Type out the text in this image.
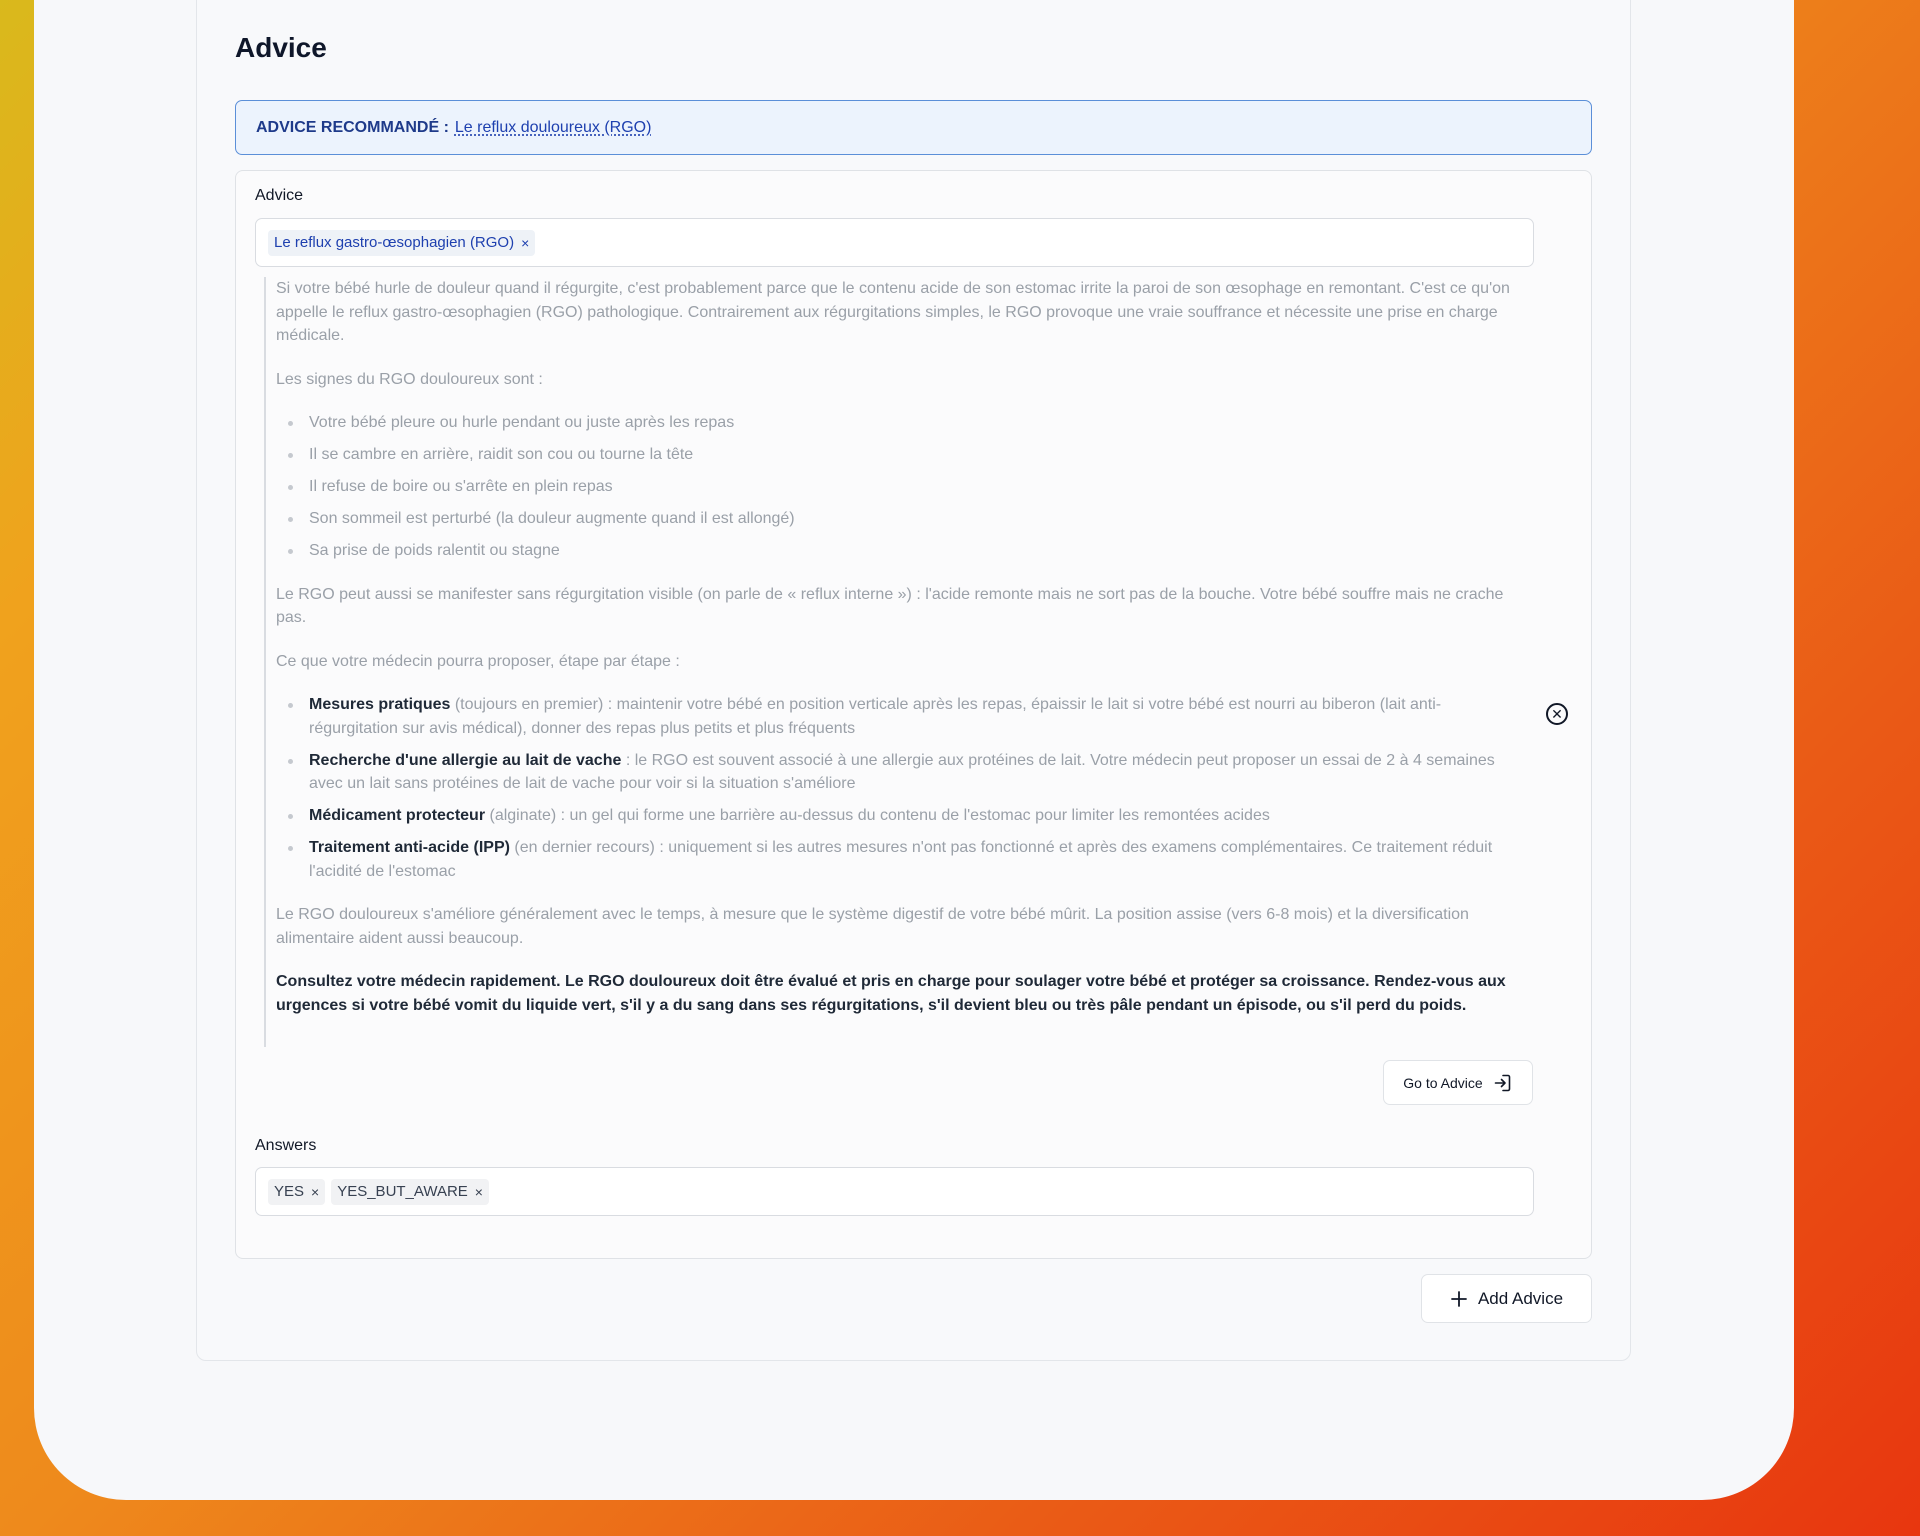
Advice
ADVICE RECOMMANDÉ : Le reflux douloureux (RGO)
Advice
Le reflux gastro-œsophagien (RGO) ×

Si votre bébé hurle de douleur quand il régurgite, c'est probablement parce que le contenu acide de son estomac irrite la paroi de son œsophage en remontant. C'est ce qu'on appelle le reflux gastro-œsophagien (RGO) pathologique. Contrairement aux régurgitations simples, le RGO provoque une vraie souffrance et nécessite une prise en charge médicale.

Les signes du RGO douloureux sont :

Votre bébé pleure ou hurle pendant ou juste après les repas
Il se cambre en arrière, raidit son cou ou tourne la tête
Il refuse de boire ou s'arrête en plein repas
Son sommeil est perturbé (la douleur augmente quand il est allongé)
Sa prise de poids ralentit ou stagne

Le RGO peut aussi se manifester sans régurgitation visible (on parle de « reflux interne ») : l'acide remonte mais ne sort pas de la bouche. Votre bébé souffre mais ne crache pas.

Ce que votre médecin pourra proposer, étape par étape :

Mesures pratiques (toujours en premier) : maintenir votre bébé en position verticale après les repas, épaissir le lait si votre bébé est nourri au biberon (lait anti-régurgitation sur avis médical), donner des repas plus petits et plus fréquents
Recherche d'une allergie au lait de vache : le RGO est souvent associé à une allergie aux protéines de lait. Votre médecin peut proposer un essai de 2 à 4 semaines avec un lait sans protéines de lait de vache pour voir si la situation s'améliore
Médicament protecteur (alginate) : un gel qui forme une barrière au-dessus du contenu de l'estomac pour limiter les remontées acides
Traitement anti-acide (IPP) (en dernier recours) : uniquement si les autres mesures n'ont pas fonctionné et après des examens complémentaires. Ce traitement réduit l'acidité de l'estomac

Le RGO douloureux s'améliore généralement avec le temps, à mesure que le système digestif de votre bébé mûrit. La position assise (vers 6-8 mois) et la diversification alimentaire aident aussi beaucoup.

Consultez votre médecin rapidement. Le RGO douloureux doit être évalué et pris en charge pour soulager votre bébé et protéger sa croissance. Rendez-vous aux urgences si votre bébé vomit du liquide vert, s'il y a du sang dans ses régurgitations, s'il devient bleu ou très pâle pendant un épisode, ou s'il perd du poids.

✕
Go to Advice
Answers
YES × YES_BUT_AWARE ×
Add Advice
